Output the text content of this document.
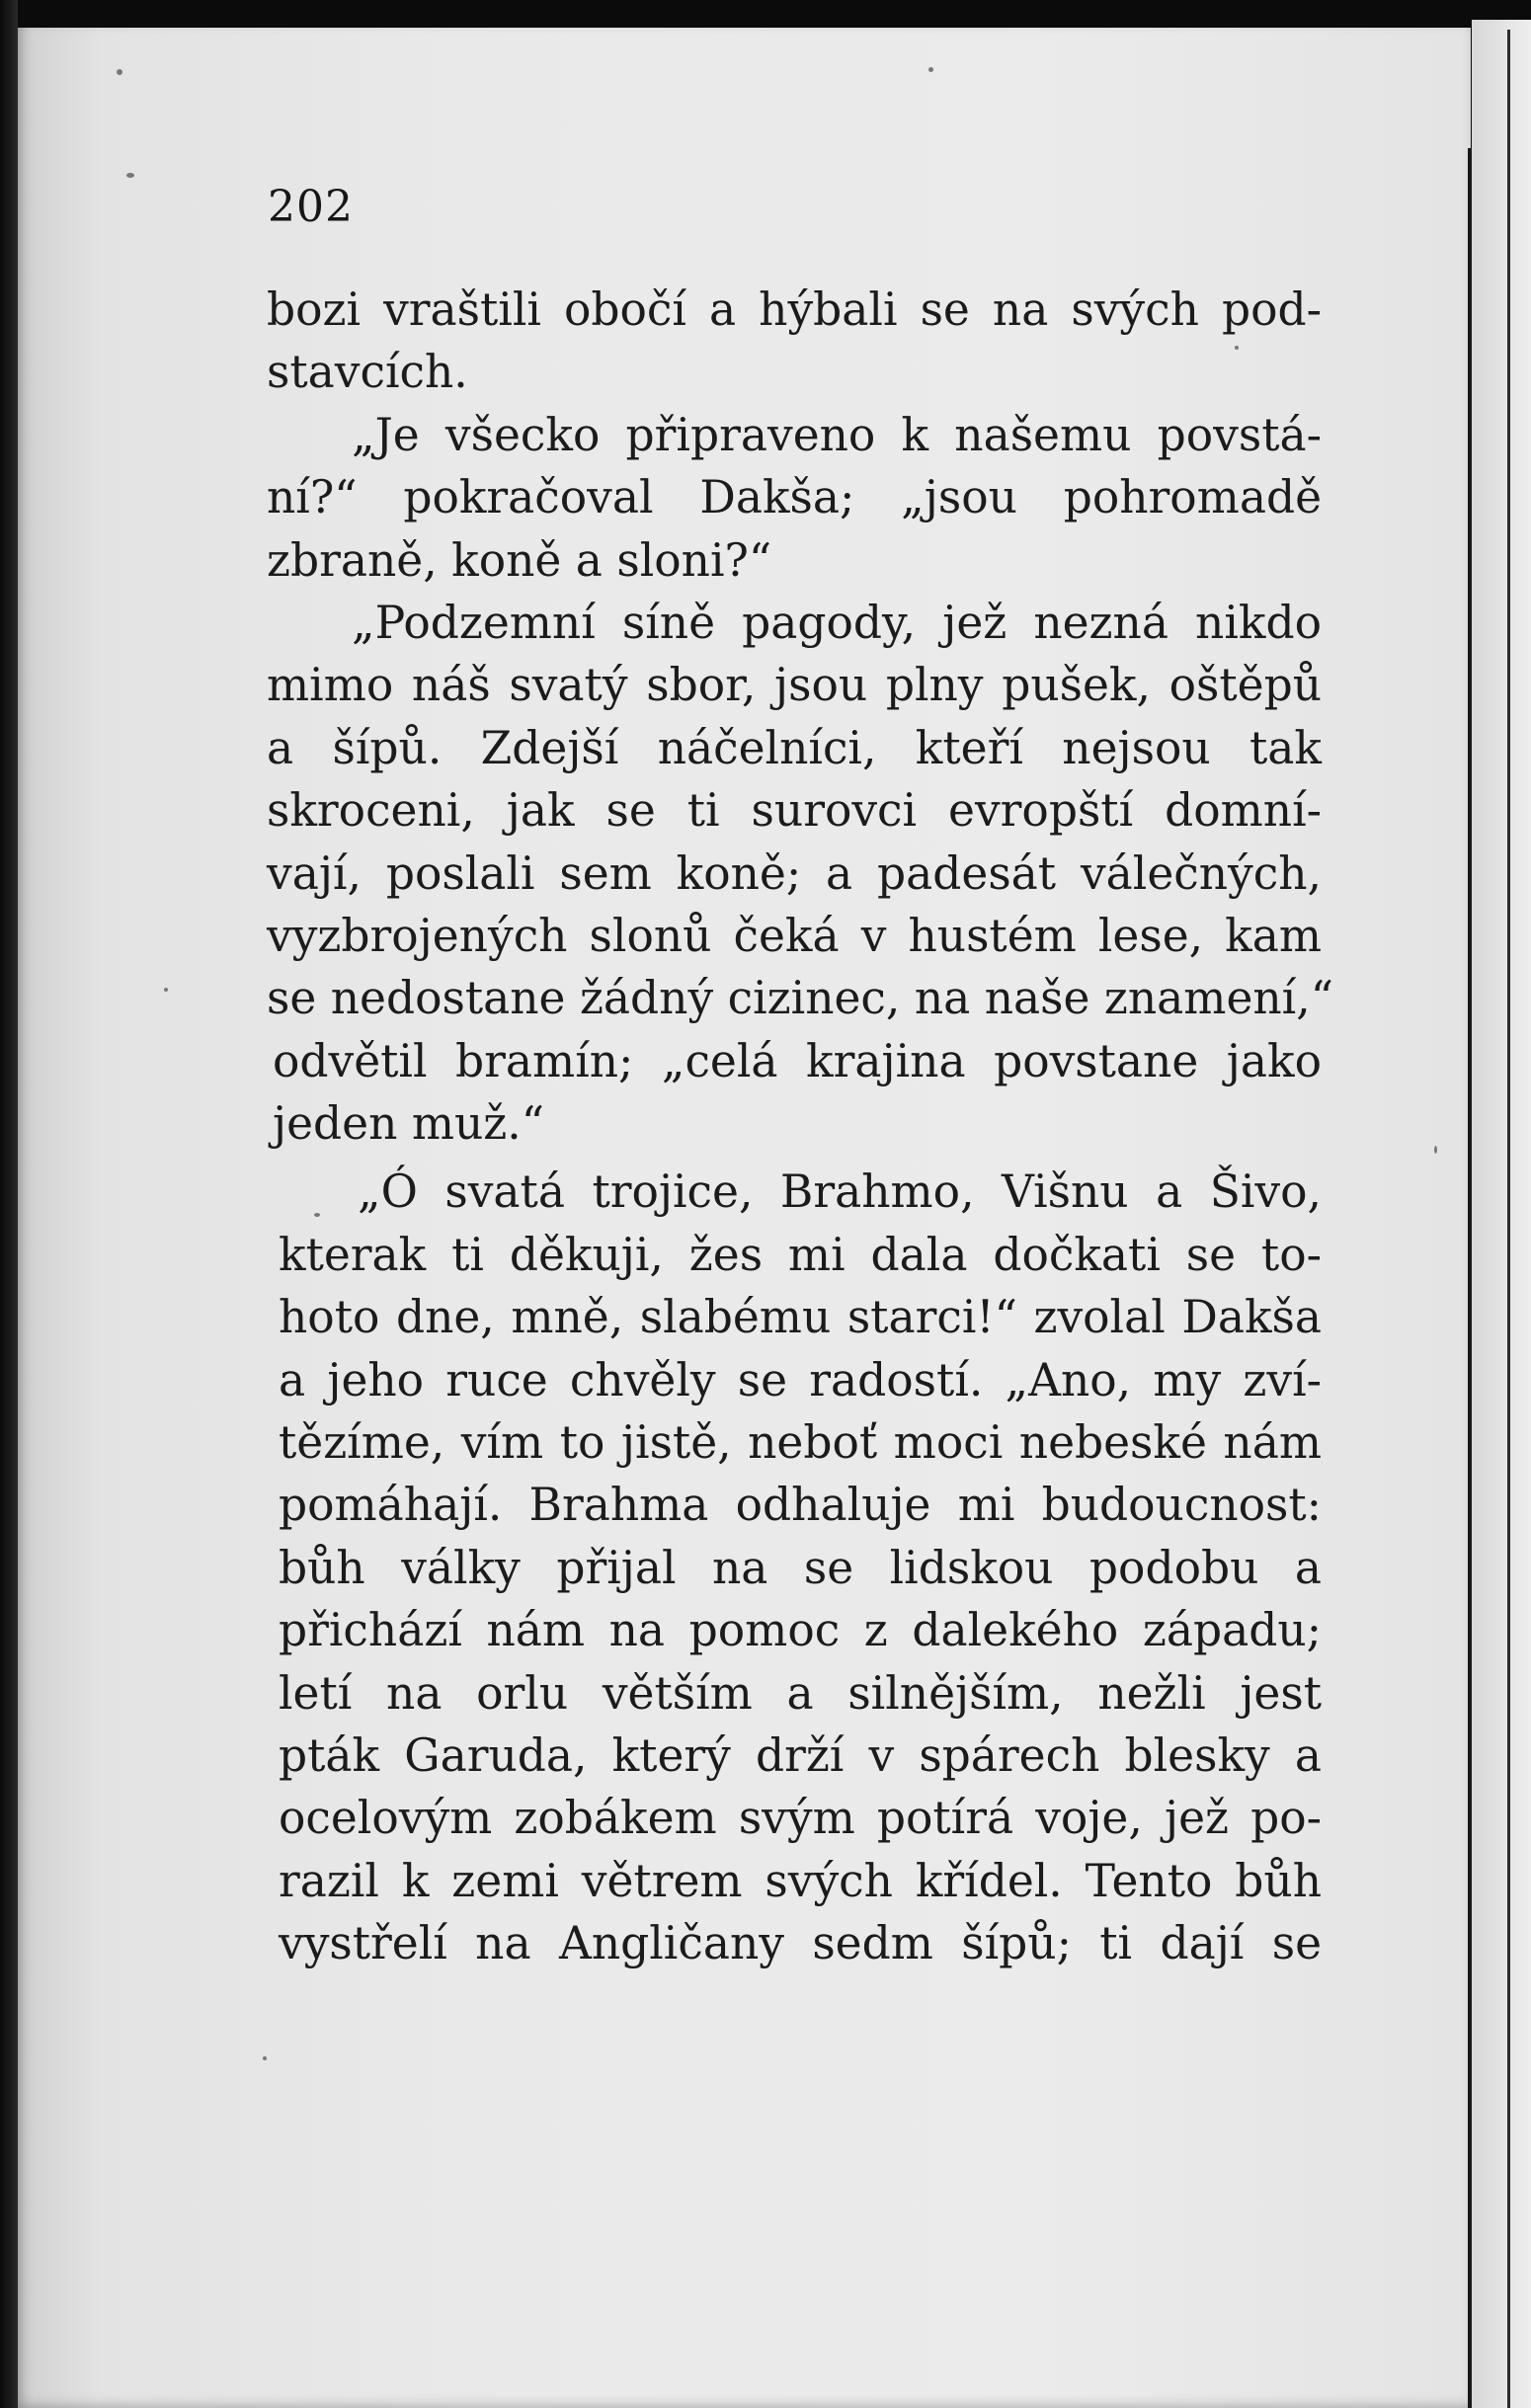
202
bozi vraštili obočí a hýbali se na svých pod-
stavcích.
„Je všecko připraveno k našemu povstá-
ní?“ pokračoval Dakša; „jsou pohromadě
zbraně, koně a sloni?“
„Podzemní síně pagody, jež nezná nikdo
mimo náš svatý sbor, jsou plny pušek, oštěpů
a šípů. Zdejší náčelníci, kteří nejsou tak
skroceni, jak se ti surovci evropští domní-
vají, poslali sem koně; a padesát válečných,
vyzbrojených slonů čeká v hustém lese, kam
se nedostane žádný cizinec, na naše znamení,“
odvětil bramín; „celá krajina povstane jako
jeden muž.“
„Ó svatá trojice, Brahmo, Višnu a Šivo,
kterak ti děkuji, žes mi dala dočkati se to-
hoto dne, mně, slabému starci!“ zvolal Dakša
a jeho ruce chvěly se radostí. „Ano, my zví-
tězíme, vím to jistě, neboť moci nebeské nám
pomáhají. Brahma odhaluje mi budoucnost:
bůh války přijal na se lidskou podobu a
přichází nám na pomoc z dalekého západu;
letí na orlu větším a silnějším, nežli jest
pták Garuda, který drží v spárech blesky a
ocelovým zobákem svým potírá voje, jež po-
razil k zemi větrem svých křídel. Tento bůh
vystřelí na Angličany sedm šípů; ti dají se
